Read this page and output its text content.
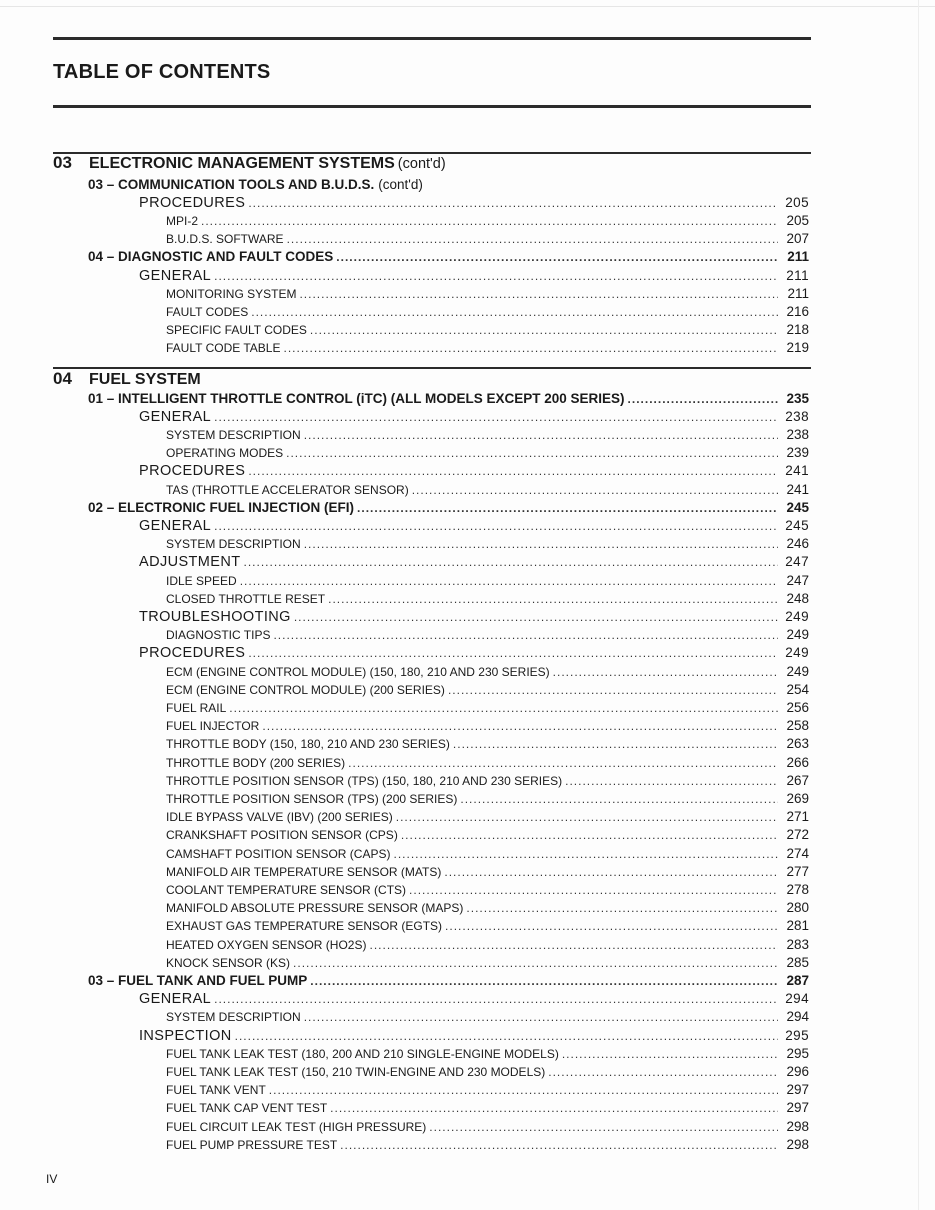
TABLE OF CONTENTS
03 ELECTRONIC MANAGEMENT SYSTEMS (cont'd)
03 – COMMUNICATION TOOLS AND B.U.D.S. (cont'd)
PROCEDURES .....	205
MPI-2 .....	205
B.U.D.S. SOFTWARE .....	207
04 – DIAGNOSTIC AND FAULT CODES .....	211
GENERAL .....	211
MONITORING SYSTEM .....	211
FAULT CODES .....	216
SPECIFIC FAULT CODES .....	218
FAULT CODE TABLE .....	219
04 FUEL SYSTEM
01 – INTELLIGENT THROTTLE CONTROL (iTC) (ALL MODELS EXCEPT 200 SERIES) .....	235
GENERAL .....	238
SYSTEM DESCRIPTION .....	238
OPERATING MODES .....	239
PROCEDURES .....	241
TAS (THROTTLE ACCELERATOR SENSOR) .....	241
02 – ELECTRONIC FUEL INJECTION (EFI) .....	245
GENERAL .....	245
SYSTEM DESCRIPTION .....	246
ADJUSTMENT .....	247
IDLE SPEED .....	247
CLOSED THROTTLE RESET .....	248
TROUBLESHOOTING .....	249
DIAGNOSTIC TIPS .....	249
PROCEDURES .....	249
ECM (ENGINE CONTROL MODULE) (150, 180, 210 AND 230 SERIES) .....	249
ECM (ENGINE CONTROL MODULE) (200 SERIES) .....	254
FUEL RAIL .....	256
FUEL INJECTOR .....	258
THROTTLE BODY (150, 180, 210 AND 230 SERIES) .....	263
THROTTLE BODY (200 SERIES) .....	266
THROTTLE POSITION SENSOR (TPS) (150, 180, 210 AND 230 SERIES) .....	267
THROTTLE POSITION SENSOR (TPS) (200 SERIES) .....	269
IDLE BYPASS VALVE (IBV) (200 SERIES) .....	271
CRANKSHAFT POSITION SENSOR (CPS) .....	272
CAMSHAFT POSITION SENSOR (CAPS) .....	274
MANIFOLD AIR TEMPERATURE SENSOR (MATS) .....	277
COOLANT TEMPERATURE SENSOR (CTS) .....	278
MANIFOLD ABSOLUTE PRESSURE SENSOR (MAPS) .....	280
EXHAUST GAS TEMPERATURE SENSOR (EGTS) .....	281
HEATED OXYGEN SENSOR (HO2S) .....	283
KNOCK SENSOR (KS) .....	285
03 – FUEL TANK AND FUEL PUMP .....	287
GENERAL .....	294
SYSTEM DESCRIPTION .....	294
INSPECTION .....	295
FUEL TANK LEAK TEST (180, 200 AND 210 SINGLE-ENGINE MODELS) .....	295
FUEL TANK LEAK TEST (150, 210 TWIN-ENGINE AND 230 MODELS) .....	296
FUEL TANK VENT .....	297
FUEL TANK CAP VENT TEST .....	297
FUEL CIRCUIT LEAK TEST (HIGH PRESSURE) .....	298
FUEL PUMP PRESSURE TEST .....	298
IV
